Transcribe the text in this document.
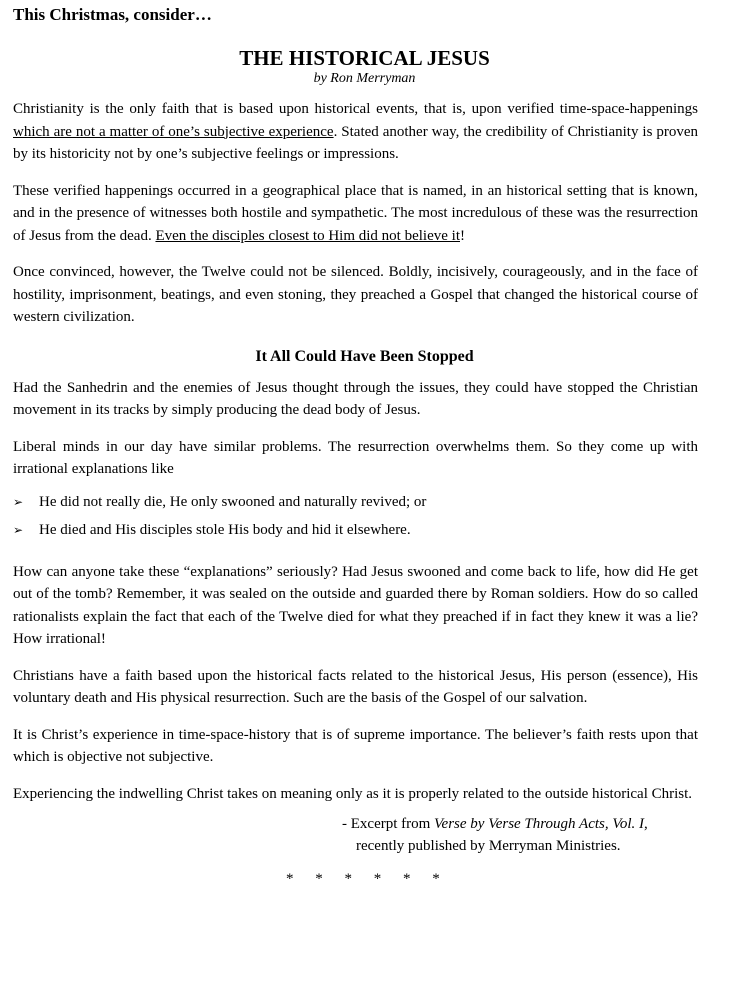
This Christmas, consider…
THE HISTORICAL JESUS
by Ron Merryman

Christianity is the only faith that is based upon historical events, that is, upon verified time-space-happenings which are not a matter of one’s subjective experience. Stated another way, the credibility of Christianity is proven by its historicity not by one’s subjective feelings or impressions.

These verified happenings occurred in a geographical place that is named, in an historical setting that is known, and in the presence of witnesses both hostile and sympathetic. The most incredulous of these was the resurrection of Jesus from the dead. Even the disciples closest to Him did not believe it!

Once convinced, however, the Twelve could not be silenced. Boldly, incisively, courageously, and in the face of hostility, imprisonment, beatings, and even stoning, they preached a Gospel that changed the historical course of western civilization.

It All Could Have Been Stopped

Had the Sanhedrin and the enemies of Jesus thought through the issues, they could have stopped the Christian movement in its tracks by simply producing the dead body of Jesus.

Liberal minds in our day have similar problems. The resurrection overwhelms them. So they come up with irrational explanations like

➢	He did not really die, He only swooned and naturally revived; or
➢	He died and His disciples stole His body and hid it elsewhere.

How can anyone take these “explanations” seriously? Had Jesus swooned and come back to life, how did He get out of the tomb? Remember, it was sealed on the outside and guarded there by Roman soldiers. How do so called rationalists explain the fact that each of the Twelve died for what they preached if in fact they knew it was a lie? How irrational!

Christians have a faith based upon the historical facts related to the historical Jesus, His person (essence), His voluntary death and His physical resurrection. Such are the basis of the Gospel of our salvation.

It is Christ’s experience in time-space-history that is of supreme importance. The believer’s faith rests upon that which is objective not subjective.

Experiencing the indwelling Christ takes on meaning only as it is properly related to the outside historical Christ.

- Excerpt from Verse by Verse Through Acts, Vol. I,
recently published by Merryman Ministries.
* * * * * *
